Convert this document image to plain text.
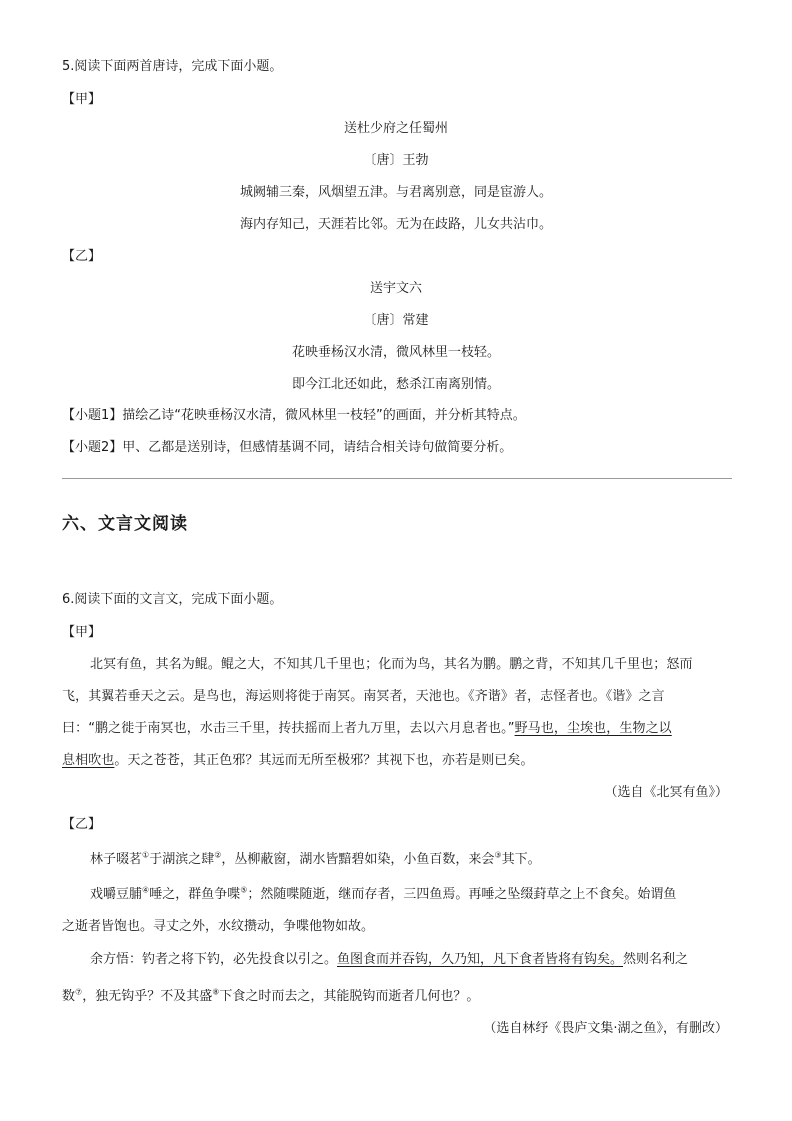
5.阅读下面两首唐诗，完成下面小题。
【甲】
送杜少府之任蜀州
〔唐〕王勃
城阙辅三秦，风烟望五津。与君离别意，同是宦游人。
海内存知己，天涯若比邻。无为在歧路，儿女共沾巾。
【乙】
送宇文六
〔唐〕常建
花映垂杨汉水清，微风林里一枝轻。
即今江北还如此，愁杀江南离别情。
【小题1】描绘乙诗“花映垂杨汉水清，微风林里一枝轻”的画面，并分析其特点。
【小题2】甲、乙都是送别诗，但感情基调不同，请结合相关诗句做简要分析。
六、文言文阅读
6.阅读下面的文言文，完成下面小题。
【甲】
北冥有鱼，其名为鲲。鲲之大，不知其几千里也；化而为鸟，其名为鹏。鹏之背，不知其几千里也；怒而
飞，其翼若垂天之云。是鸟也，海运则将徙于南冥。南冥者，天池也。《齐谐》者，志怪者也。《谐》之言
曰：“鹏之徙于南冥也，水击三千里，抟扶摇而上者九万里，去以六月息者也。”野马也，尘埃也，生物之以
息相吹也。天之苍苍，其正色邪？其远而无所至极邪？其视下也，亦若是则已矣。
（选自《北冥有鱼》）
【乙】
林子啜茗①于湖滨之肆②，丛柳蔽窗，湖水皆黯碧如染，小鱼百数，来会③其下。
戏嚼豆脯④唾之，群鱼争喋⑤；然随喋随逝，继而存者，三四鱼焉。再唾之坠缀葑草之上不食矣。始谓鱼
之逝者皆饱也。寻丈之外，水纹攒动，争喋他物如故。
余方悟：钓者之将下钓，必先投食以引之。鱼图食而并吞钩，久乃知，凡下食者皆将有钩矣。然则名利之
数⑦，独无钩乎？不及其盛⑧下食之时而去之，其能脱钩而逝者几何也？。
（选自林纾《畏庐文集·湖之鱼》，有删改）
